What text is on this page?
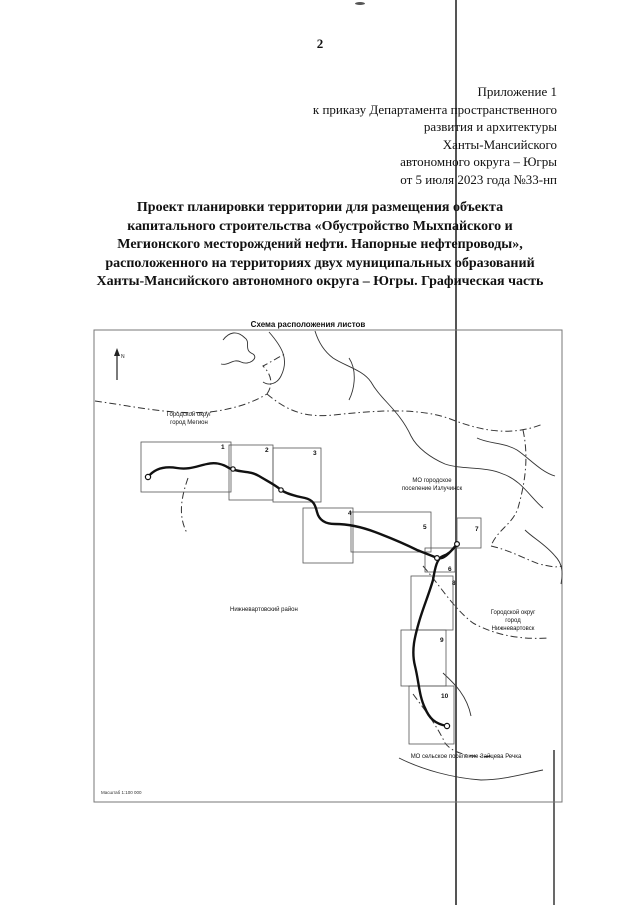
2
Приложение 1
к приказу Департамента пространственного
развития и архитектуры
Ханты-Мансийского
автономного округа – Югры
от 5 июля 2023 года №33-нп
Проект планировки территории для размещения объекта
капитального строительства «Обустройство Мыхпайского и
Мегионского месторождений нефти. Напорные нефтепроводы»,
расположенного на территориях двух муниципальных образований
Ханты-Мансийского автономного округа – Югры. Графическая часть
Схема расположения листов
N
1	2	3
4
5
6
7
8
9
10
Городской округ
город Мегион
МО городское
поселение Излучинск
Нижневартовский район	Городской округ
город
Нижневартовск
МО сельское поселение Зайцева Речка
Масштаб 1:100 000
